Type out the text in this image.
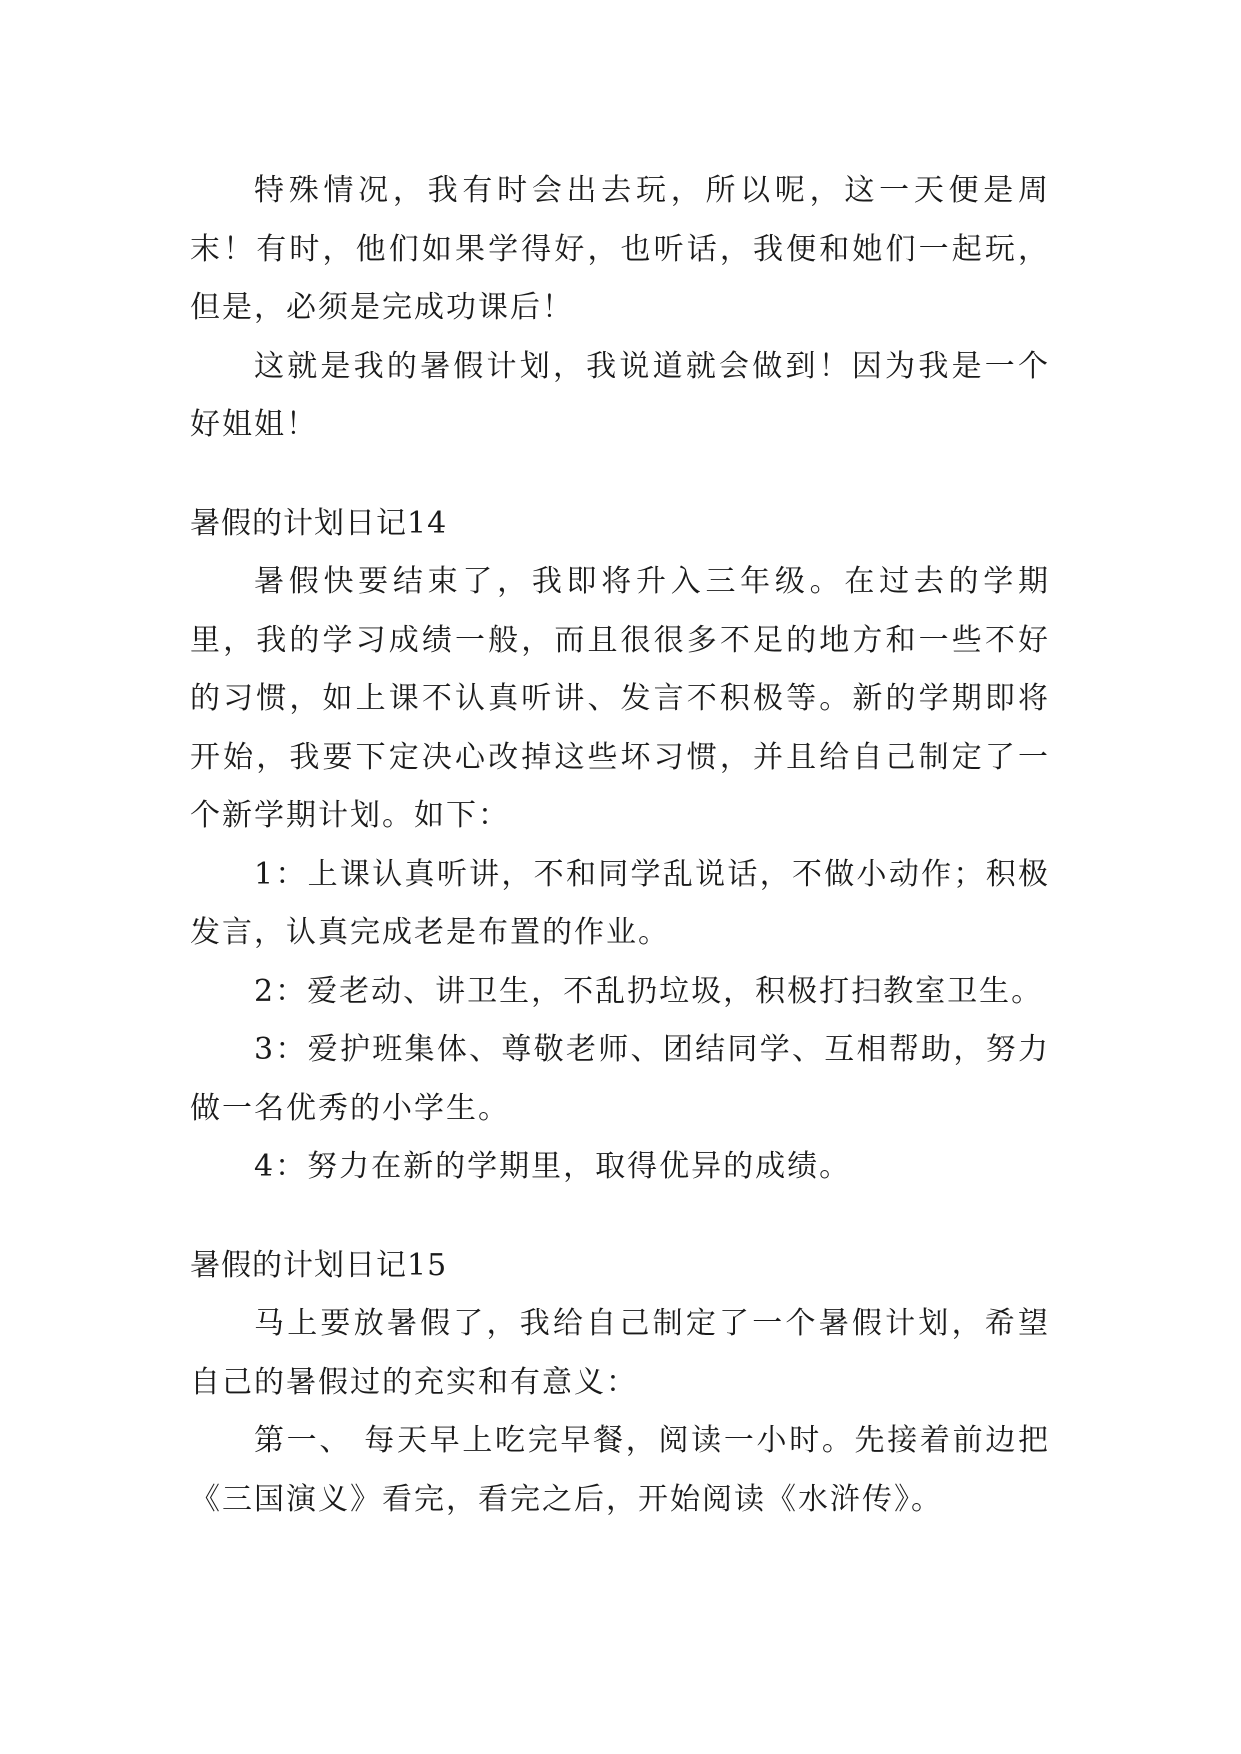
特殊情况，我有时会出去玩，所以呢，这一天便是周末！有时，他们如果学得好，也听话，我便和她们一起玩，但是，必须是完成功课后！

这就是我的暑假计划，我说道就会做到！因为我是一个好姐姐！

暑假的计划日记14

暑假快要结束了，我即将升入三年级。在过去的学期里，我的学习成绩一般，而且很很多不足的地方和一些不好的习惯，如上课不认真听讲、发言不积极等。新的学期即将开始，我要下定决心改掉这些坏习惯，并且给自己制定了一个新学期计划。如下：

1：上课认真听讲，不和同学乱说话，不做小动作；积极发言，认真完成老是布置的作业。

2：爱老动、讲卫生，不乱扔垃圾，积极打扫教室卫生。

3：爱护班集体、尊敬老师、团结同学、互相帮助，努力做一名优秀的小学生。

4：努力在新的学期里，取得优异的成绩。

暑假的计划日记15

马上要放暑假了，我给自己制定了一个暑假计划，希望自己的暑假过的充实和有意义：

第一、 每天早上吃完早餐，阅读一小时。先接着前边把《三国演义》看完，看完之后，开始阅读《水浒传》。
